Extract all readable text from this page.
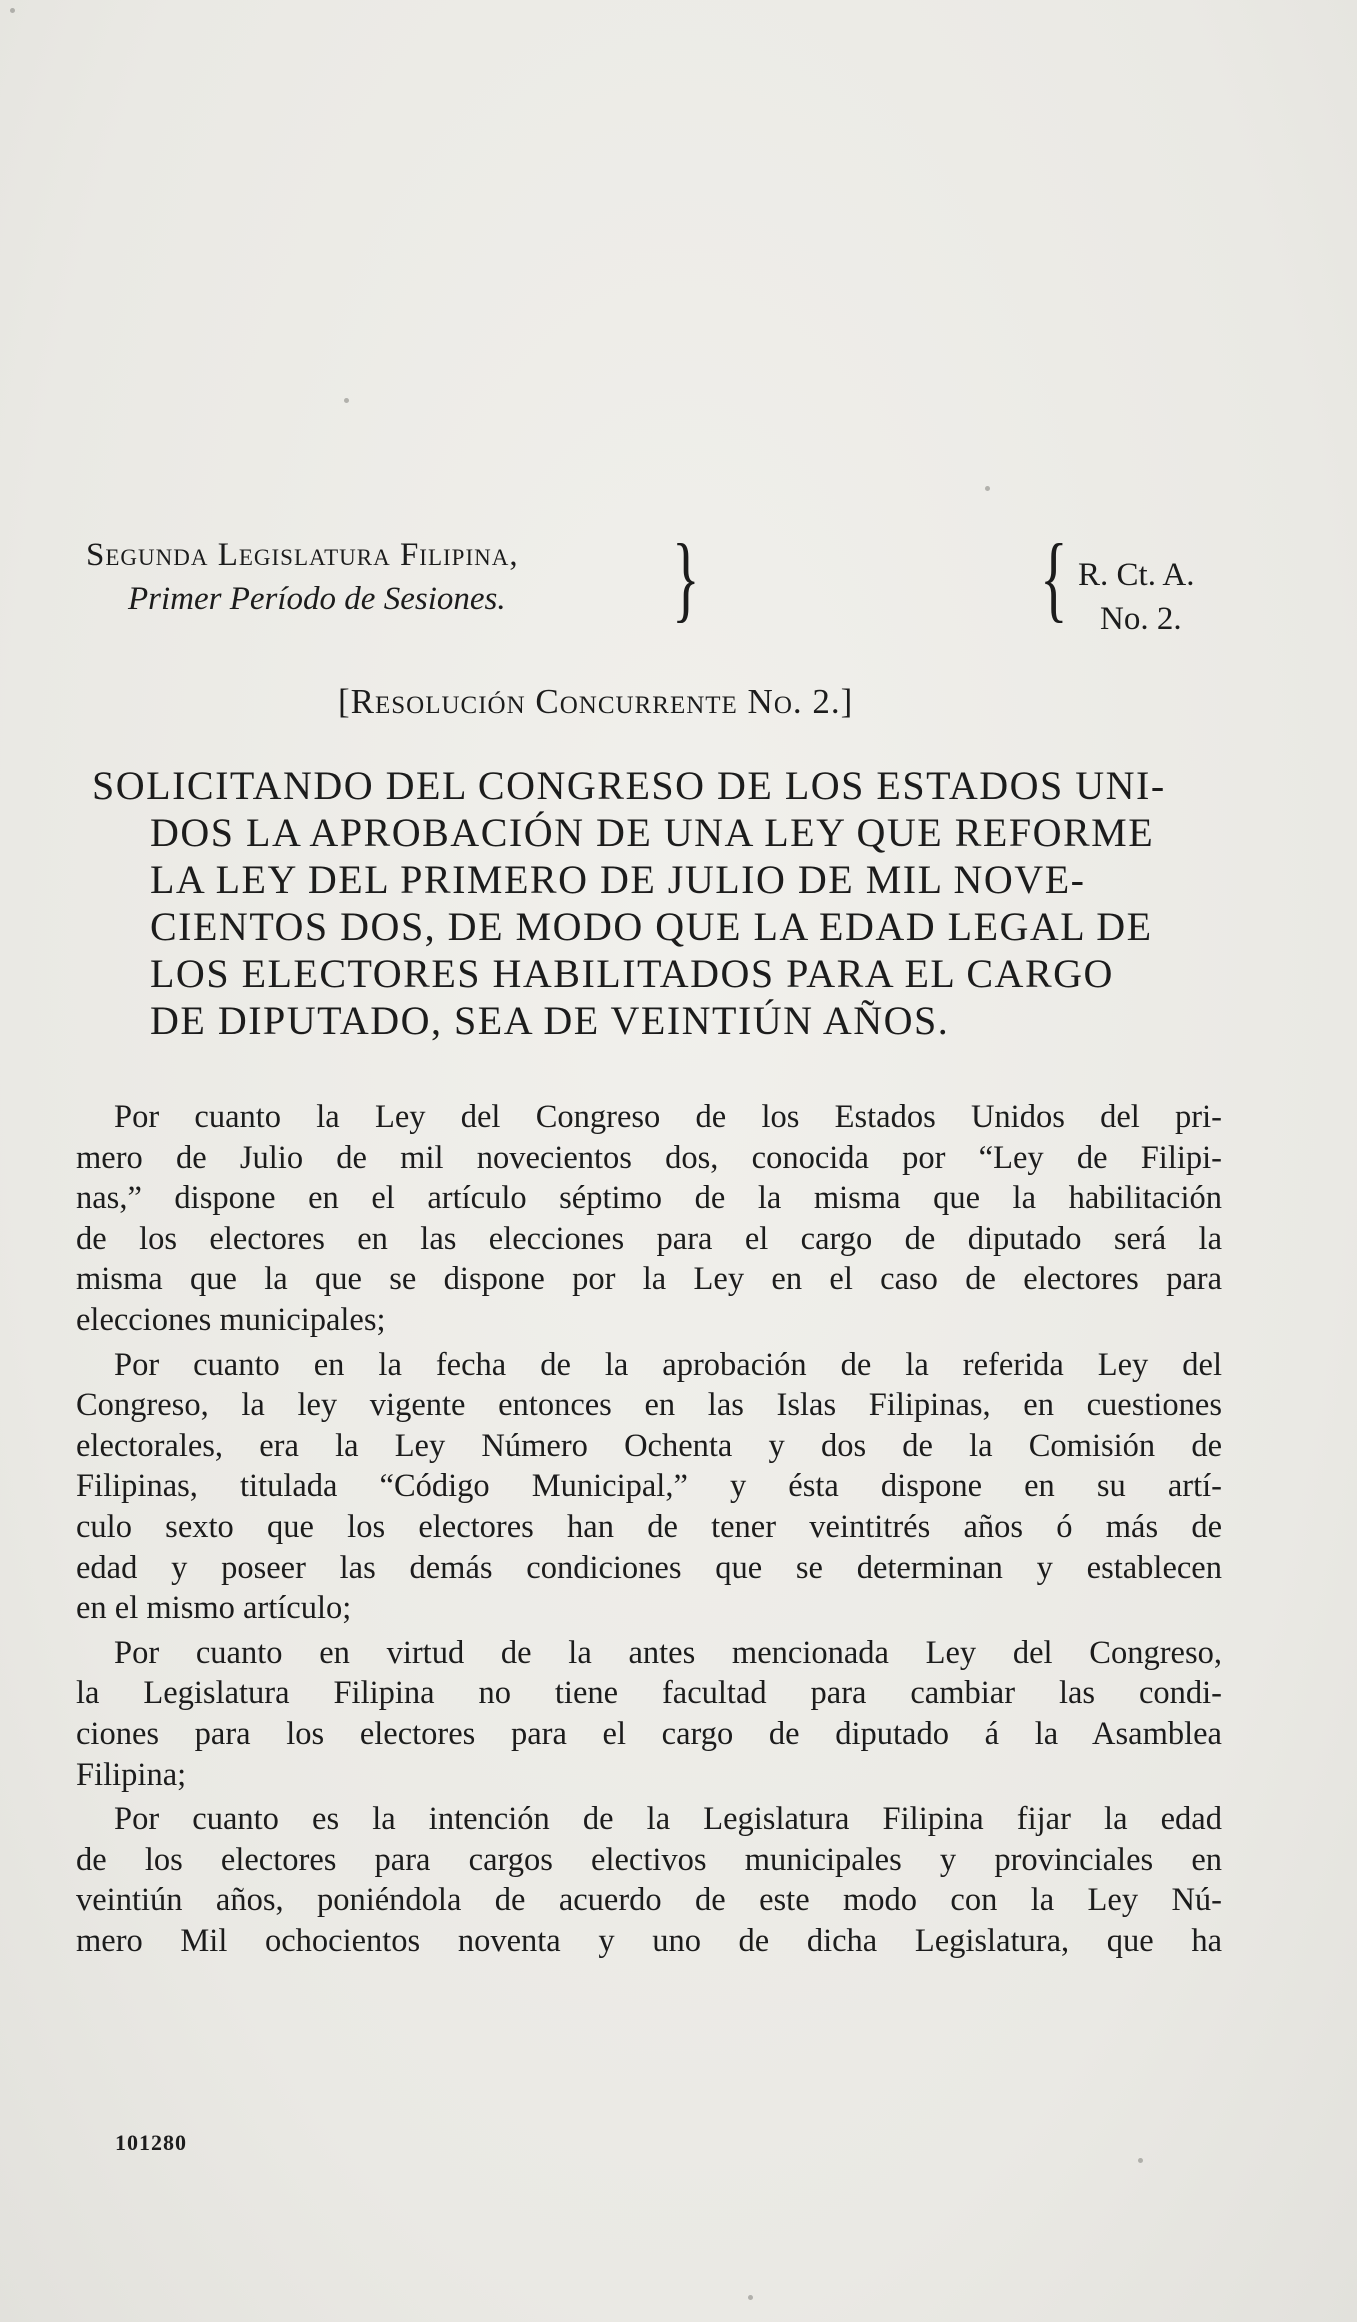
Segunda Legislatura Filipina,
Primer Período de Sesiones.	}	{ R. Ct. A.
No. 2.
[Resolución Concurrente No. 2.]
SOLICITANDO DEL CONGRESO DE LOS ESTADOS UNI-
DOS LA APROBACIÓN DE UNA LEY QUE REFORME
LA LEY DEL PRIMERO DE JULIO DE MIL NOVE-
CIENTOS DOS, DE MODO QUE LA EDAD LEGAL DE
LOS ELECTORES HABILITADOS PARA EL CARGO
DE DIPUTADO, SEA DE VEINTIÚN AÑOS.
Por cuanto la Ley del Congreso de los Estados Unidos del pri-
mero de Julio de mil novecientos dos, conocida por “Ley de Filipi-
nas,” dispone en el artículo séptimo de la misma que la habilitación
de los electores en las elecciones para el cargo de diputado será la
misma que la que se dispone por la Ley en el caso de electores para
elecciones municipales;
Por cuanto en la fecha de la aprobación de la referida Ley del
Congreso, la ley vigente entonces en las Islas Filipinas, en cuestiones
electorales, era la Ley Número Ochenta y dos de la Comisión de
Filipinas, titulada “Código Municipal,” y ésta dispone en su artí-
culo sexto que los electores han de tener veintitrés años ó más de
edad y poseer las demás condiciones que se determinan y establecen
en el mismo artículo;
Por cuanto en virtud de la antes mencionada Ley del Congreso,
la Legislatura Filipina no tiene facultad para cambiar las condi-
ciones para los electores para el cargo de diputado á la Asamblea
Filipina;
Por cuanto es la intención de la Legislatura Filipina fijar la edad
de los electores para cargos electivos municipales y provinciales en
veintiún años, poniéndola de acuerdo de este modo con la Ley Nú-
mero Mil ochocientos noventa y uno de dicha Legislatura, que ha
101280
